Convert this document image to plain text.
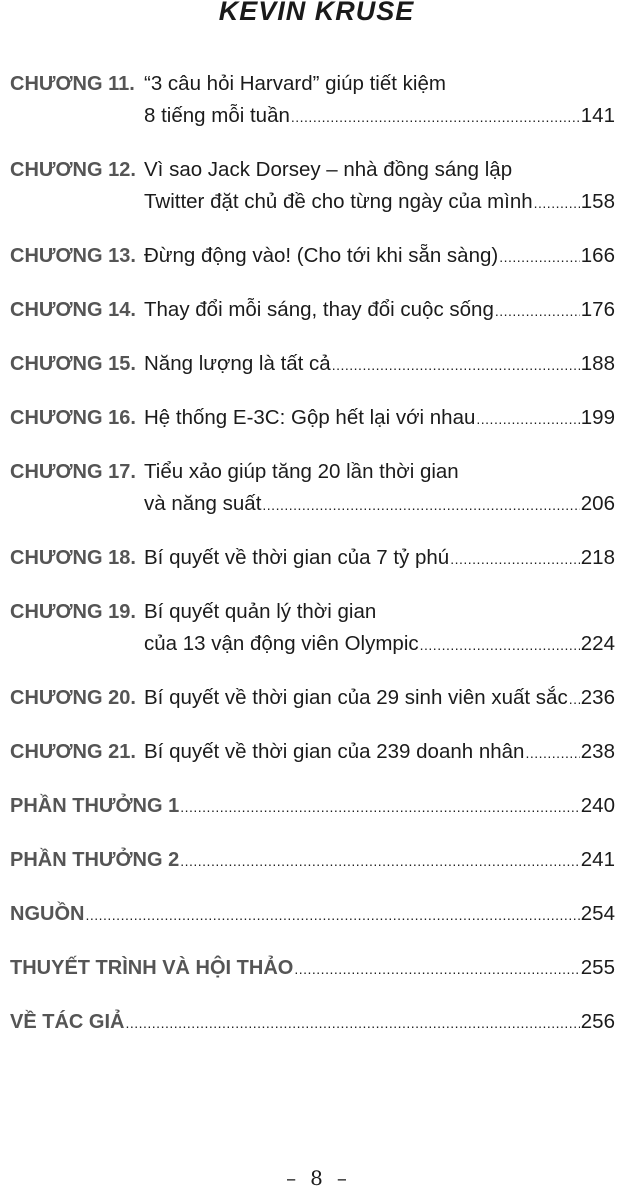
KEVIN KRUSE
CHƯƠNG 11. “3 câu hỏi Harvard” giúp tiết kiệm
8 tiếng mỗi tuần .....	141
CHƯƠNG 12. Vì sao Jack Dorsey – nhà đồng sáng lập
Twitter đặt chủ đề cho từng ngày của mình ..... 158
CHƯƠNG 13. Đừng động vào! (Cho tới khi sẵn sàng) .....	166
CHƯƠNG 14. Thay đổi mỗi sáng, thay đổi cuộc sống .....	176
CHƯƠNG 15. Năng lượng là tất cả .....	188
CHƯƠNG 16. Hệ thống E-3C: Gộp hết lại với nhau .....	199
CHƯƠNG 17. Tiểu xảo giúp tăng 20 lần thời gian
và năng suất .....	206
CHƯƠNG 18. Bí quyết về thời gian của 7 tỷ phú .....	218
CHƯƠNG 19. Bí quyết quản lý thời gian
của 13 vận động viên Olympic .....	224
CHƯƠNG 20. Bí quyết về thời gian của 29 sinh viên xuất sắc ..... 236
CHƯƠNG 21. Bí quyết về thời gian của 239 doanh nhân .....	238
PHẦN THƯỞNG 1 .....	240
PHẦN THƯỞNG 2 .....	241
NGUỒN .....	254
THUYẾT TRÌNH VÀ HỘI THẢO .....	255
VỀ TÁC GIẢ .....	256
– 8 –
